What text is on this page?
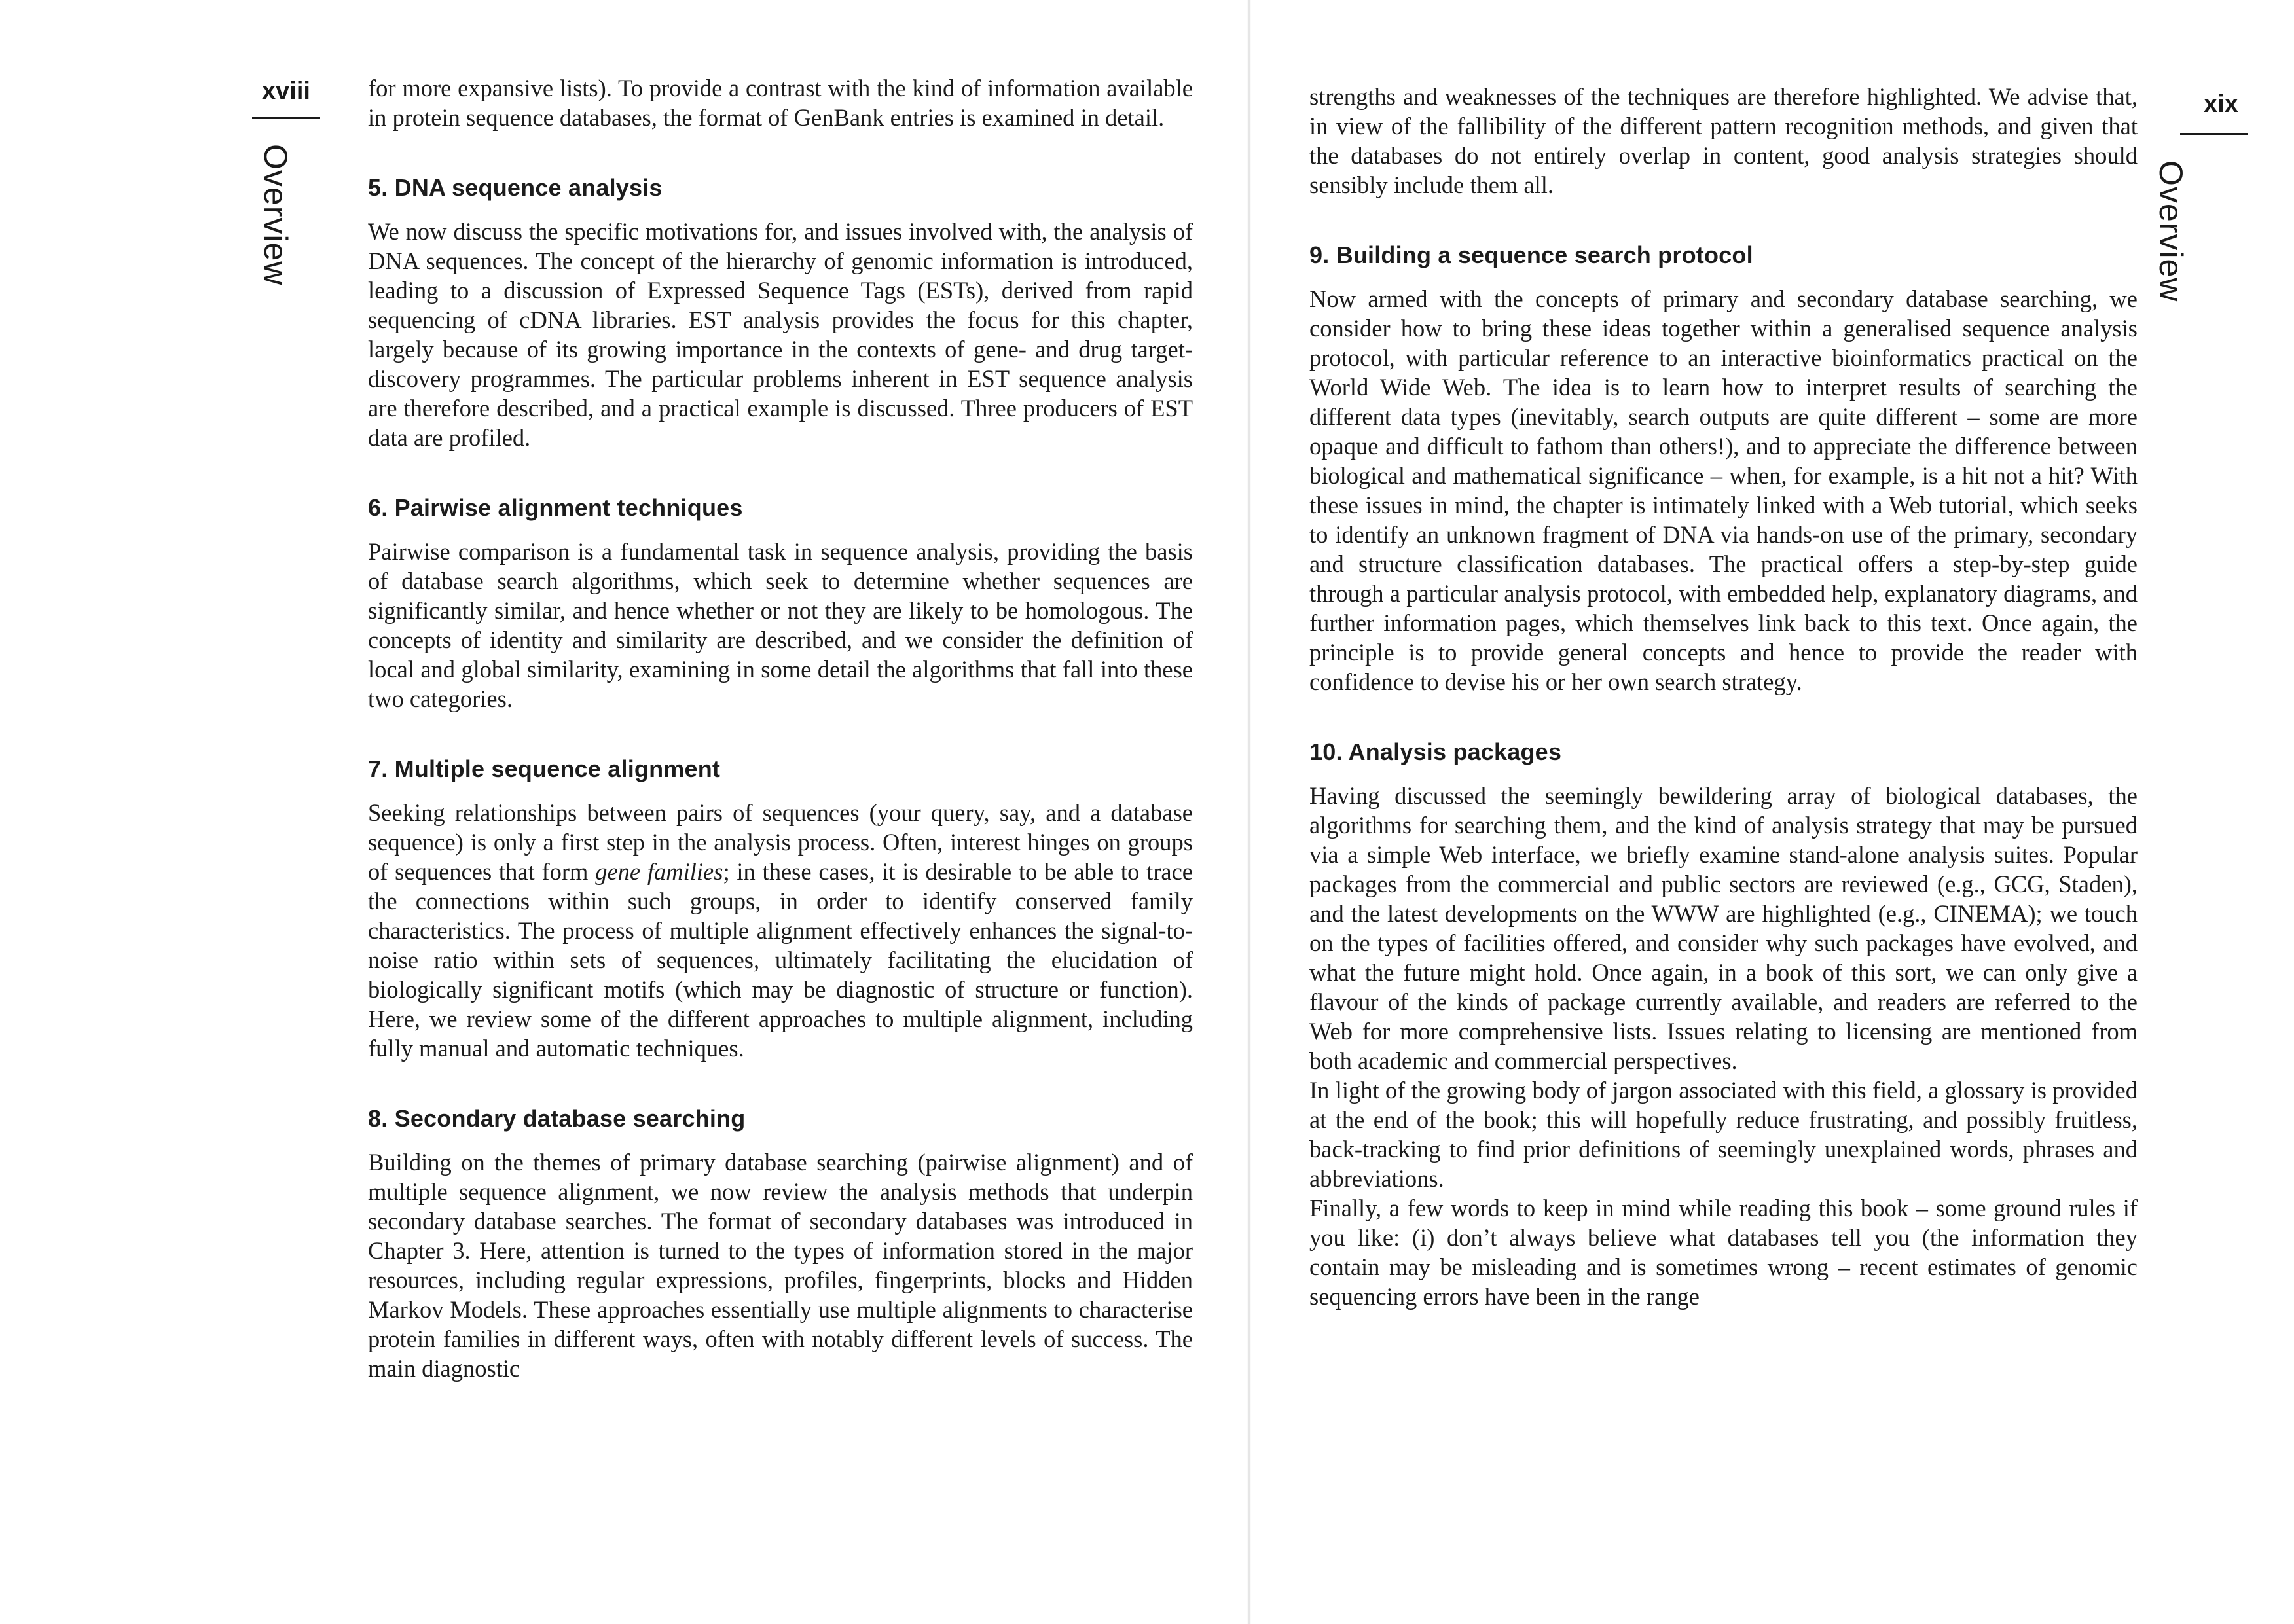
xviii
Overview

for more expansive lists). To provide a contrast with the kind of information available in protein sequence databases, the format of GenBank entries is examined in detail.

5. DNA sequence analysis

We now discuss the specific motivations for, and issues involved with, the analysis of DNA sequences. The concept of the hierarchy of genomic information is introduced, leading to a discussion of Expressed Sequence Tags (ESTs), derived from rapid sequencing of cDNA libraries. EST analysis provides the focus for this chapter, largely because of its growing importance in the contexts of gene- and drug target-discovery programmes. The particular problems inherent in EST sequence analysis are therefore described, and a practical example is discussed. Three producers of EST data are profiled.

6. Pairwise alignment techniques

Pairwise comparison is a fundamental task in sequence analysis, providing the basis of database search algorithms, which seek to determine whether sequences are significantly similar, and hence whether or not they are likely to be homologous. The concepts of identity and similarity are described, and we consider the definition of local and global similarity, examining in some detail the algorithms that fall into these two categories.

7. Multiple sequence alignment

Seeking relationships between pairs of sequences (your query, say, and a database sequence) is only a first step in the analysis process. Often, interest hinges on groups of sequences that form gene families; in these cases, it is desirable to be able to trace the connections within such groups, in order to identify conserved family characteristics. The process of multiple alignment effectively enhances the signal-to-noise ratio within sets of sequences, ultimately facilitating the elucidation of biologically significant motifs (which may be diagnostic of structure or function). Here, we review some of the different approaches to multiple alignment, including fully manual and automatic techniques.

8. Secondary database searching

Building on the themes of primary database searching (pairwise alignment) and of multiple sequence alignment, we now review the analysis methods that underpin secondary database searches. The format of secondary databases was introduced in Chapter 3. Here, attention is turned to the types of information stored in the major resources, including regular expressions, profiles, fingerprints, blocks and Hidden Markov Models. These approaches essentially use multiple alignments to characterise protein families in different ways, often with notably different levels of success. The main diagnostic

xix
Overview

strengths and weaknesses of the techniques are therefore highlighted. We advise that, in view of the fallibility of the different pattern recognition methods, and given that the databases do not entirely overlap in content, good analysis strategies should sensibly include them all.

9. Building a sequence search protocol

Now armed with the concepts of primary and secondary database searching, we consider how to bring these ideas together within a generalised sequence analysis protocol, with particular reference to an interactive bioinformatics practical on the World Wide Web. The idea is to learn how to interpret results of searching the different data types (inevitably, search outputs are quite different – some are more opaque and difficult to fathom than others!), and to appreciate the difference between biological and mathematical significance – when, for example, is a hit not a hit? With these issues in mind, the chapter is intimately linked with a Web tutorial, which seeks to identify an unknown fragment of DNA via hands-on use of the primary, secondary and structure classification databases. The practical offers a step-by-step guide through a particular analysis protocol, with embedded help, explanatory diagrams, and further information pages, which themselves link back to this text. Once again, the principle is to provide general concepts and hence to provide the reader with confidence to devise his or her own search strategy.

10. Analysis packages

Having discussed the seemingly bewildering array of biological databases, the algorithms for searching them, and the kind of analysis strategy that may be pursued via a simple Web interface, we briefly examine stand-alone analysis suites. Popular packages from the commercial and public sectors are reviewed (e.g., GCG, Staden), and the latest developments on the WWW are highlighted (e.g., CINEMA); we touch on the types of facilities offered, and consider why such packages have evolved, and what the future might hold. Once again, in a book of this sort, we can only give a flavour of the kinds of package currently available, and readers are referred to the Web for more comprehensive lists. Issues relating to licensing are mentioned from both academic and commercial perspectives.

In light of the growing body of jargon associated with this field, a glossary is provided at the end of the book; this will hopefully reduce frustrating, and possibly fruitless, back-tracking to find prior definitions of seemingly unexplained words, phrases and abbreviations.

Finally, a few words to keep in mind while reading this book – some ground rules if you like: (i) don’t always believe what databases tell you (the information they contain may be misleading and is sometimes wrong – recent estimates of genomic sequencing errors have been in the range
